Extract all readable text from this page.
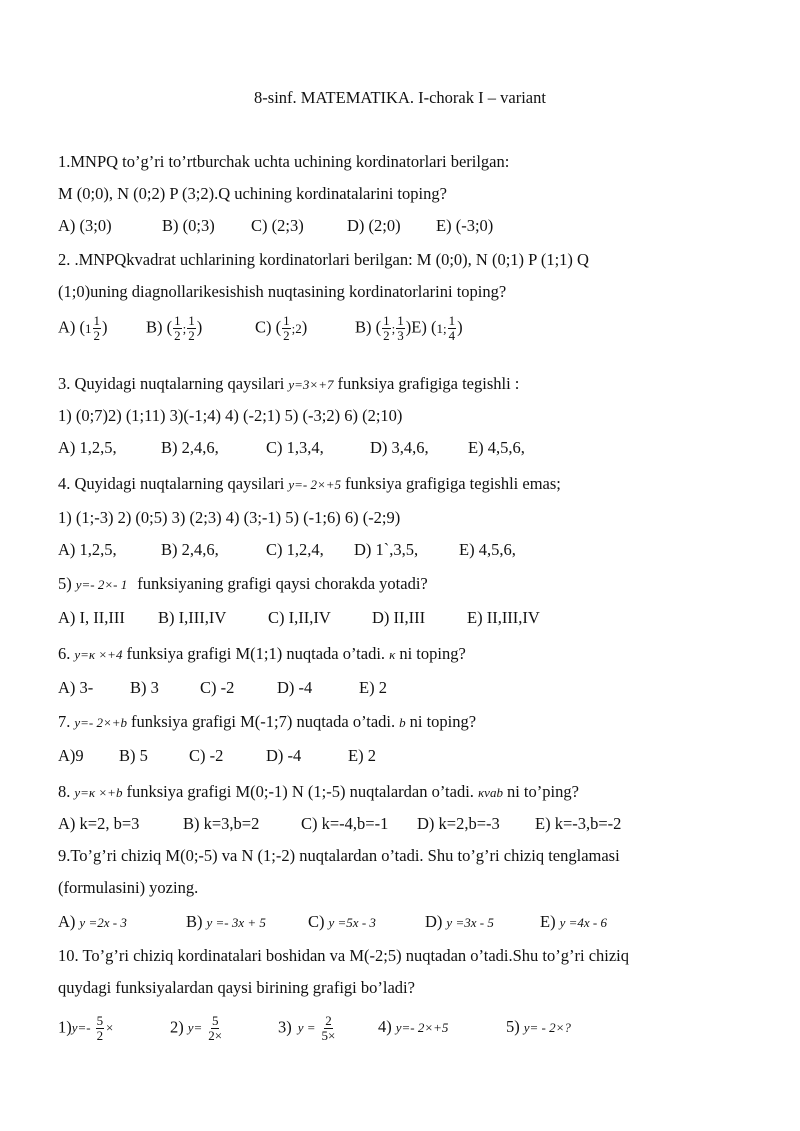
8-sinf. MATEMATIKA. I-chorak I – variant
1.MNPQ to’g’ri to’rtburchak uchta uchining kordinatorlari berilgan:
M (0;0), N (0;2) P (3;2).Q uchining kordinatalarini toping?
A) (3;0)	B) (0;3) C) (2;3)	D) (2;0) E) (-3;0)
2. .MNPQkvadrat uchlarining kordinatorlari berilgan: M (0;0), N (0;1) P (1;1) Q
(1;0)uning diagnollarikesishish nuqtasining kordinatorlarini toping?
A) ($1 \frac{1}{2}$ ) B) ( $\frac{1}{2}$ ; $\frac{1}{2}$ )	C) ( $\frac{1}{2}$ ;2)	B) ( $\frac{1}{2}$ ; $\frac{1}{3} )E$) (1; $\frac{1}{4}$ )
3. Quyidagi nuqtalarning qaysilari y=3×+7 funksiya grafigiga tegishli :
1) (0;7)2) (1;11) 3)(-1;4) 4) (-2;1) 5) (-3;2) 6) (2;10)
A) 1,2,5,	B) 2,4,6,	C) 1,3,4,	D) 3,4,6, E) 4,5,6,
4. Quyidagi nuqtalarning qaysilari y=- 2×+5 funksiya grafigiga tegishli emas;
1) (1;-3) 2) (0;5) 3) (2;3) 4) (3;-1) 5) (-1;6) 6) (-2;9)
A) 1,2,5,	B) 2,4,6,	C) 1,2,4, D) 1`,3,5, E) 4,5,6,
5) y=- 2×- 1 funksiyaning grafigi qaysi chorakda yotadi?
A) I, II,III B) I,III,IV	C) I,II,IV D) II,III	E) II,III,IV
6. y=κ ×+4 funksiya grafigi M(1;1) nuqtada o’tadi. κ ni toping?
A) 3- B) 3 C) -2	D) -4	E) 2
7. y=- 2×+b funksiya grafigi M(-1;7) nuqtada o’tadi. b ni toping?
A)9 B) 5 C) -2	D) -4	E) 2
8. y=κ ×+b funksiya grafigi M(0;-1) N (1;-5) nuqtalardan o’tadi. κvab ni to’ping?
A) k=2, b=3	B) k=3,b=2	C) k=-4,b=-1 D) k=2,b=-3 E) k=-3,b=-2
9.To’g’ri chiziq M(0;-5) va N (1;-2) nuqtalardan o’tadi. Shu to’g’ri chiziq tenglamasi
(formulasini) yozing.
A) y =2x - 3	B) y =- 3x + 5	C) y =5x - 3	D) y =3x - 5	E) y =4x - 6
10. To’g’ri chiziq kordinatalari boshidan va M(-2;5) nuqtadan o’tadi.Shu to’g’ri chiziq
quydagi funksiyalardan qaysi birining grafigi bo’ladi?
$1)y=- \frac{5}{2}$ ×	2) $y= \frac{5}{2\times}$	3) $y = \frac{2}{5\times}$	4) y=- 2×+5	5) y= - 2×?
